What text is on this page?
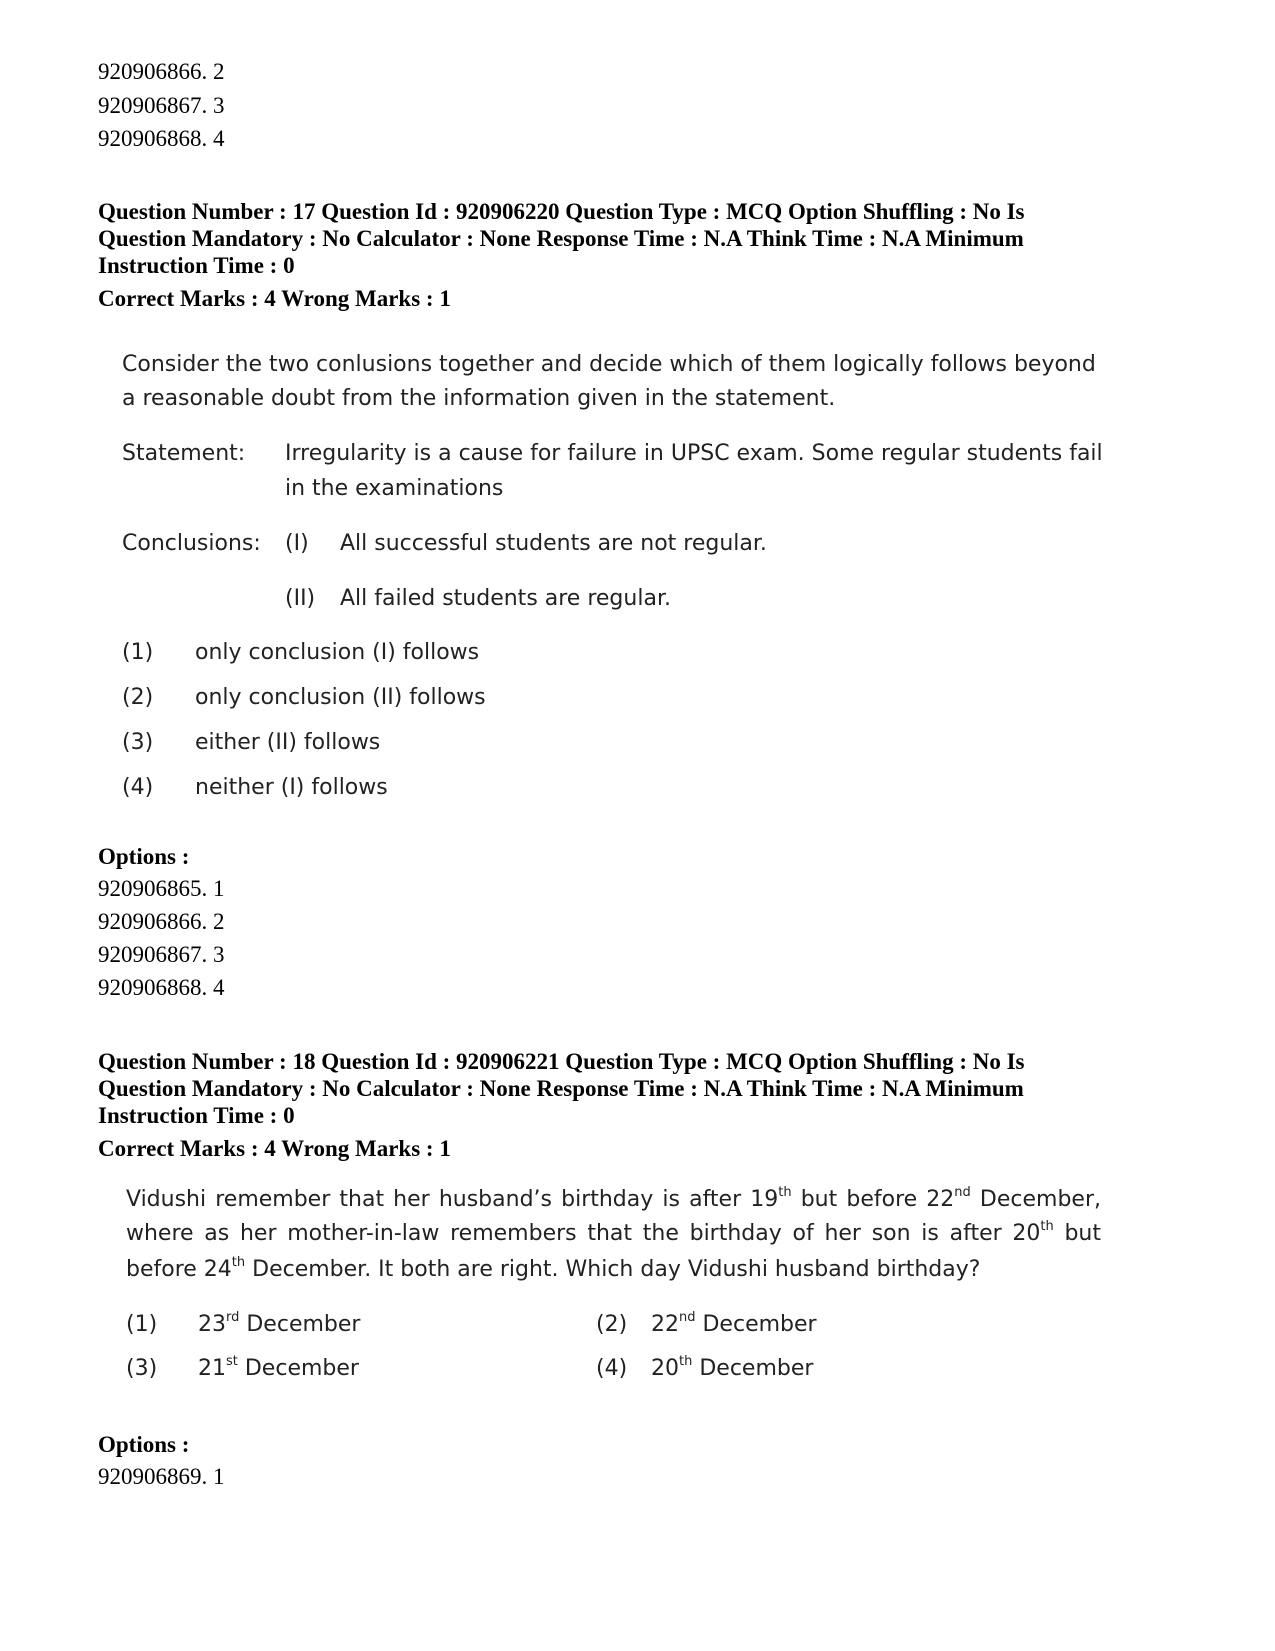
920906866. 2
920906867. 3
920906868. 4
Question Number : 17 Question Id : 920906220 Question Type : MCQ Option Shuffling : No Is
Question Mandatory : No Calculator : None Response Time : N.A Think Time : N.A Minimum
Instruction Time : 0
Correct Marks : 4 Wrong Marks : 1
Consider the two conlusions together and decide which of them logically follows beyond
a reasonable doubt from the information given in the statement.
Statement: Irregularity is a cause for failure in UPSC exam. Some regular students fail
in the examinations
Conclusions: (I) All successful students are not regular.
(II) All failed students are regular.
(1) only conclusion (I) follows
(2) only conclusion (II) follows
(3) either (II) follows
(4) neither (I) follows
Options :
920906865. 1
920906866. 2
920906867. 3
920906868. 4
Question Number : 18 Question Id : 920906221 Question Type : MCQ Option Shuffling : No Is
Question Mandatory : No Calculator : None Response Time : N.A Think Time : N.A Minimum
Instruction Time : 0
Correct Marks : 4 Wrong Marks : 1
Vidushi remember that her husband’s birthday is after 19th but before 22nd December,
where as her mother-in-law remembers that the birthday of her son is after 20th but
before 24th December. It both are right. Which day Vidushi husband birthday?
(1) 23rd December	(2) 22nd December
(3) 21st December	(4) 20th December
Options :
920906869. 1
